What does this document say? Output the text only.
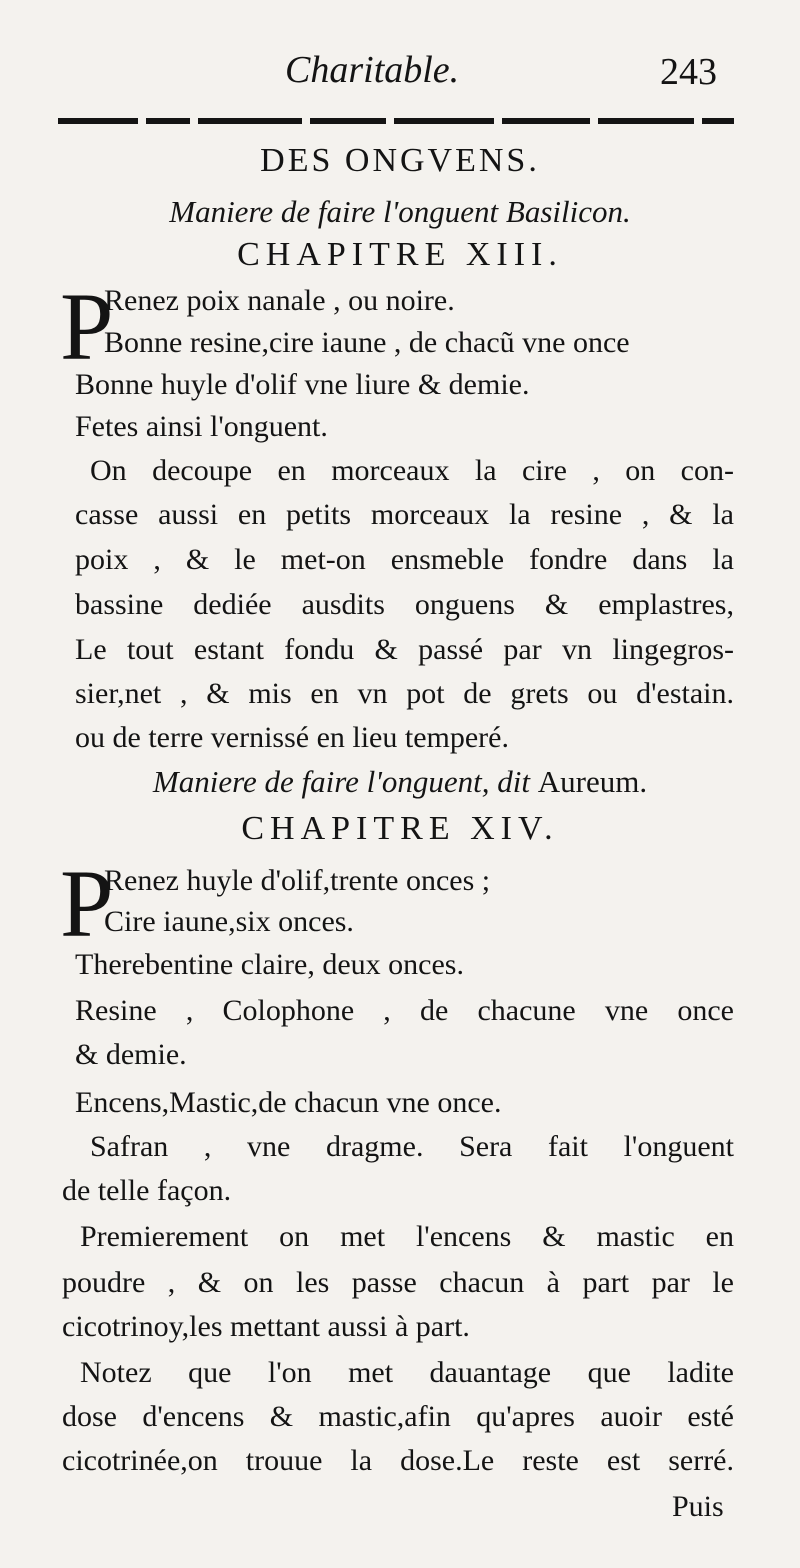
Charitable.	243
DES ONGVENS.
Maniere de faire l'onguent Basilicon.
CHAPITRE XIII.
P
Renez poix nanale , ou noire.
Bonne resine,cire iaune , de chacũ vne once
Bonne huyle d'olif vne liure & demie.
Fetes ainsi l'onguent.
On decoupe en morceaux la cire , on con-
casse aussi en petits morceaux la resine , & la
poix , & le met-on ensmeble fondre dans la
bassine dediée ausdits onguens & emplastres,
Le tout estant fondu & passé par vn lingegros-
sier,net , & mis en vn pot de grets ou d'estain.
ou de terre vernissé en lieu temperé.
Maniere de faire l'onguent, dit Aureum.
CHAPITRE XIV.
P
Renez huyle d'olif,trente onces ;
Cire iaune,six onces.
Therebentine claire, deux onces.
Resine , Colophone , de chacune vne once
& demie.
Encens,Mastic,de chacun vne once.
Safran , vne dragme. Sera fait l'onguent
de telle façon.
Premierement on met l'encens & mastic en
poudre , & on les passe chacun à part par le
cicotrinoy,les mettant aussi à part.
Notez que l'on met dauantage que ladite
dose d'encens & mastic,afin qu'apres auoir esté
cicotrinée,on trouue la dose.Le reste est serré.
Puis
